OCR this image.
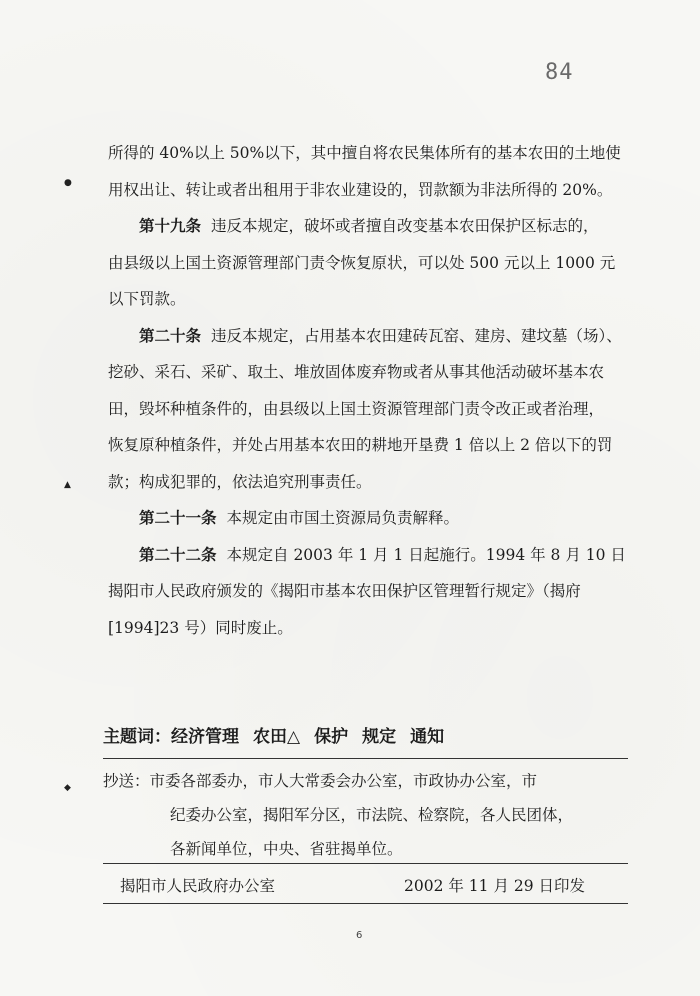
84
●
▲
◆
所得的 40%以上 50%以下，其中擅自将农民集体所有的基本农田的土地使
用权出让、转让或者出租用于非农业建设的，罚款额为非法所得的 20%。
第十九条 违反本规定，破坏或者擅自改变基本农田保护区标志的，
由县级以上国土资源管理部门责令恢复原状，可以处 500 元以上 1000 元
以下罚款。
第二十条 违反本规定，占用基本农田建砖瓦窑、建房、建坟墓（场）、
挖砂、采石、采矿、取土、堆放固体废弃物或者从事其他活动破坏基本农
田，毁坏种植条件的，由县级以上国土资源管理部门责令改正或者治理，
恢复原种植条件，并处占用基本农田的耕地开垦费 1 倍以上 2 倍以下的罚
款；构成犯罪的，依法追究刑事责任。
第二十一条 本规定由市国土资源局负责解释。
第二十二条 本规定自 2003 年 1 月 1 日起施行。1994 年 8 月 10 日
揭阳市人民政府颁发的《揭阳市基本农田保护区管理暂行规定》（揭府
[1994]23 号）同时废止。
主题词：经济管理 农田△ 保护 规定 通知
抄送：市委各部委办，市人大常委会办公室，市政协办公室，市
纪委办公室，揭阳军分区，市法院、检察院，各人民团体，
各新闻单位，中央、省驻揭单位。
揭阳市人民政府办公室	2002 年 11 月 29 日印发
6
